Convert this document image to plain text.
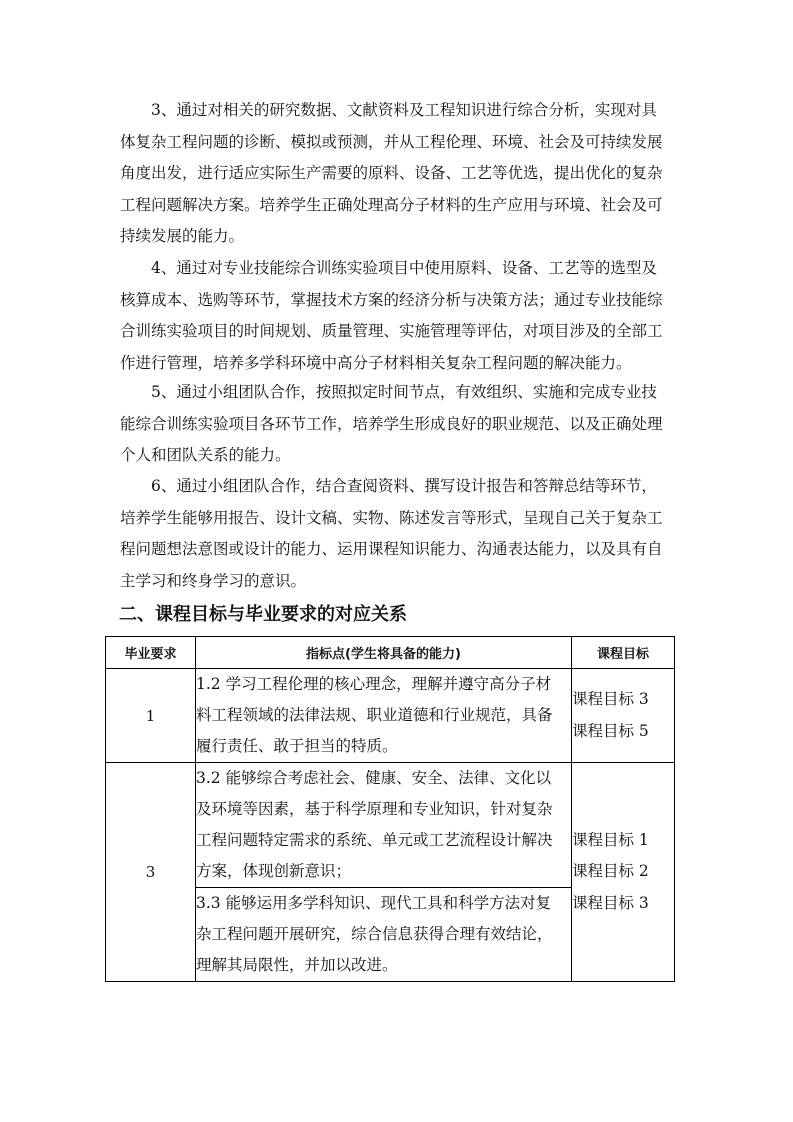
3、通过对相关的研究数据、文献资料及工程知识进行综合分析，实现对具
体复杂工程问题的诊断、模拟或预测，并从工程伦理、环境、社会及可持续发展
角度出发，进行适应实际生产需要的原料、设备、工艺等优选，提出优化的复杂
工程问题解决方案。培养学生正确处理高分子材料的生产应用与环境、社会及可
持续发展的能力。
4、通过对专业技能综合训练实验项目中使用原料、设备、工艺等的选型及
核算成本、选购等环节，掌握技术方案的经济分析与决策方法；通过专业技能综
合训练实验项目的时间规划、质量管理、实施管理等评估，对项目涉及的全部工
作进行管理，培养多学科环境中高分子材料相关复杂工程问题的解决能力。
5、通过小组团队合作，按照拟定时间节点，有效组织、实施和完成专业技
能综合训练实验项目各环节工作，培养学生形成良好的职业规范、以及正确处理
个人和团队关系的能力。
6、通过小组团队合作，结合查阅资料、撰写设计报告和答辩总结等环节，
培养学生能够用报告、设计文稿、实物、陈述发言等形式，呈现自己关于复杂工
程问题想法意图或设计的能力、运用课程知识能力、沟通表达能力，以及具有自
主学习和终身学习的意识。
二、课程目标与毕业要求的对应关系
毕业要求	指标点(学生将具备的能力)	课程目标
1	1.2 学习工程伦理的核心理念，理解并遵守高分子材
料工程领域的法律法规、职业道德和行业规范，具备
履行责任、敢于担当的特质。	课程目标 3
课程目标 5

3	3.2 能够综合考虑社会、健康、安全、法律、文化以
及环境等因素，基于科学原理和专业知识，针对复杂
工程问题特定需求的系统、单元或工艺流程设计解决
方案，体现创新意识；	课程目标 1
课程目标 2
课程目标 3

	3.3 能够运用多学科知识、现代工具和科学方法对复
杂工程问题开展研究，综合信息获得合理有效结论，
理解其局限性，并加以改进。	
